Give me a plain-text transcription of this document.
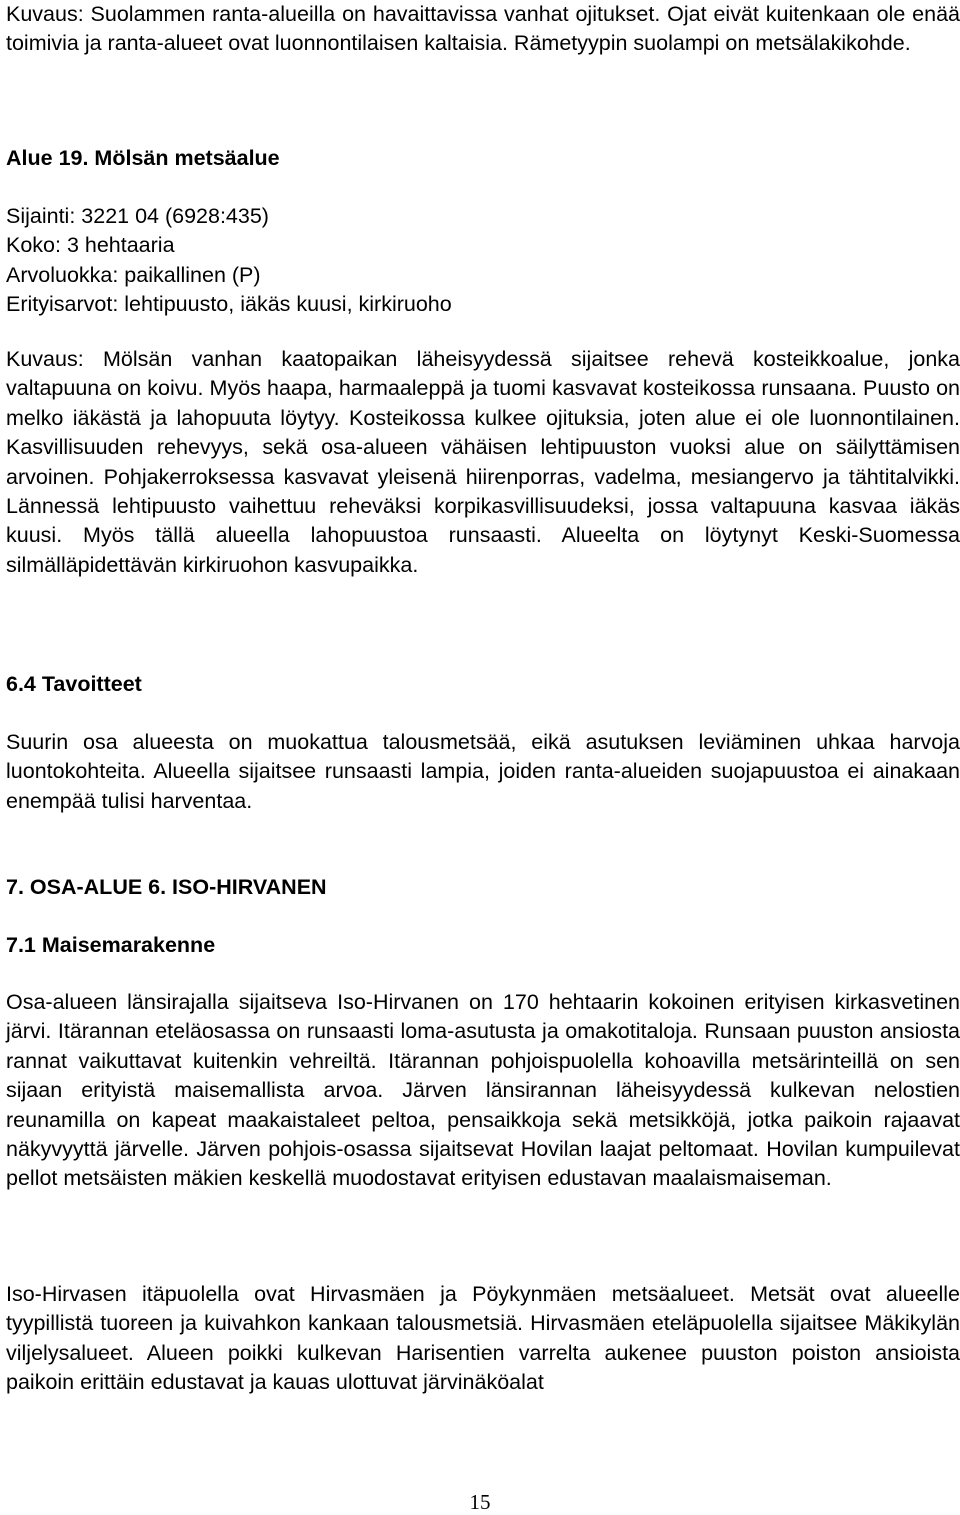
Kuvaus: Suolammen ranta-alueilla on havaittavissa vanhat ojitukset. Ojat eivät kuitenkaan ole enää toimivia ja ranta-alueet ovat luonnontilaisen kaltaisia. Rämetyypin suolampi on metsälakikohde.

Alue 19. Mölsän metsäalue

Sijainti: 3221 04 (6928:435)

Koko: 3 hehtaaria

Arvoluokka: paikallinen (P)

Erityisarvot: lehtipuusto, iäkäs kuusi, kirkiruoho

Kuvaus: Mölsän vanhan kaatopaikan läheisyydessä sijaitsee rehevä kosteikkoalue, jonka valtapuuna on koivu. Myös haapa, harmaaleppä ja tuomi kasvavat kosteikossa runsaana. Puusto on melko iäkästä ja lahopuuta löytyy. Kosteikossa kulkee ojituksia, joten alue ei ole luonnontilainen. Kasvillisuuden rehevyys, sekä osa-alueen vähäisen lehtipuuston vuoksi alue on säilyttämisen arvoinen. Pohjakerroksessa kasvavat yleisenä hiirenporras, vadelma, mesiangervo ja tähtitalvikki. Lännessä lehtipuusto vaihettuu reheväksi korpikasvillisuudeksi, jossa valtapuuna kasvaa iäkäs kuusi. Myös tällä alueella lahopuustoa runsaasti. Alueelta on löytynyt Keski-Suomessa silmälläpidettävän kirkiruohon kasvupaikka.

6.4 Tavoitteet

Suurin osa alueesta on muokattua talousmetsää, eikä asutuksen leviäminen uhkaa harvoja luontokohteita. Alueella sijaitsee runsaasti lampia, joiden ranta-alueiden suojapuustoa ei ainakaan enempää tulisi harventaa.

7. OSA-ALUE 6. ISO-HIRVANEN

7.1 Maisemarakenne

Osa-alueen länsirajalla sijaitseva Iso-Hirvanen on 170 hehtaarin kokoinen erityisen kirkasvetinen järvi. Itärannan eteläosassa on runsaasti loma-asutusta ja omakotitaloja. Runsaan puuston ansiosta rannat vaikuttavat kuitenkin vehreiltä. Itärannan pohjoispuolella kohoavilla metsärinteillä on sen sijaan erityistä maisemallista arvoa. Järven länsirannan läheisyydessä kulkevan nelostien reunamilla on kapeat maakaistaleet peltoa, pensaikkoja sekä metsikköjä, jotka paikoin rajaavat näkyvyyttä järvelle. Järven pohjois-osassa sijaitsevat Hovilan laajat peltomaat. Hovilan kumpuilevat pellot metsäisten mäkien keskellä muodostavat erityisen edustavan maalaismaiseman.

Iso-Hirvasen itäpuolella ovat Hirvasmäen ja Pöykynmäen metsäalueet. Metsät ovat alueelle tyypillistä tuoreen ja kuivahkon kankaan talousmetsiä. Hirvasmäen eteläpuolella sijaitsee Mäkikylän viljelysalueet. Alueen poikki kulkevan Harisentien varrelta aukenee puuston poiston ansioista paikoin erittäin edustavat ja kauas ulottuvat järvinäköalat

15
